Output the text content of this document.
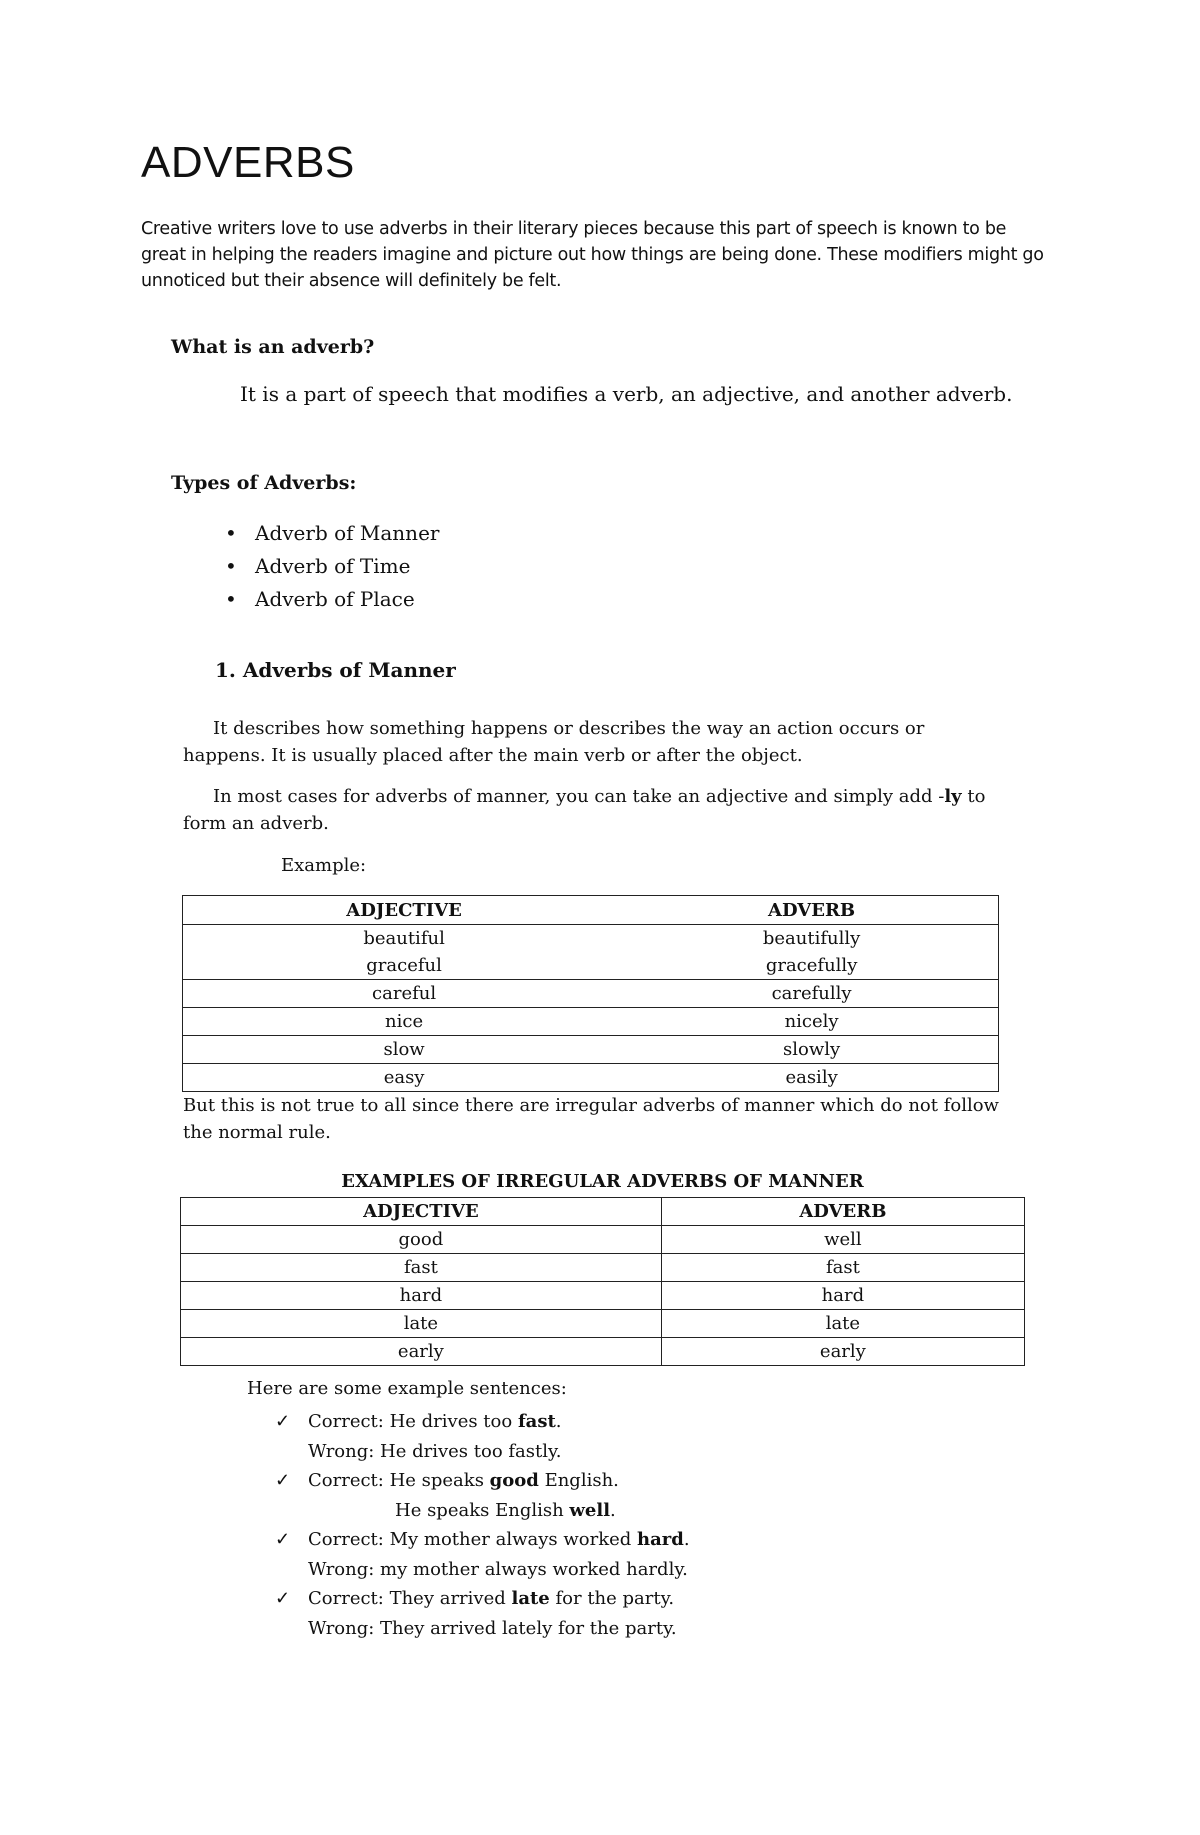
ADVERBS

Creative writers love to use adverbs in their literary pieces because this part of speech is known to be great in helping the readers imagine and picture out how things are being done. These modifiers might go unnoticed but their absence will definitely be felt.

What is an adverb?

It is a part of speech that modifies a verb, an adjective, and another adverb.

Types of Adverbs:
• Adverb of Manner
• Adverb of Time
• Adverb of Place
1. Adverbs of Manner

It describes how something happens or describes the way an action occurs or happens. It is usually placed after the main verb or after the object.

In most cases for adverbs of manner, you can take an adjective and simply add -ly to form an adverb.

Example:

ADJECTIVE	ADVERB
beautiful	beautifully
graceful	gracefully
careful	carefully
nice	nicely
slow	slowly
easy	easily

But this is not true to all since there are irregular adverbs of manner which do not follow the normal rule.

EXAMPLES OF IRREGULAR ADVERBS OF MANNER
ADJECTIVE	ADVERB
good	well
fast	fast
hard	hard
late	late
early	early

Here are some example sentences:

✓ Correct: He drives too fast.
Wrong: He drives too fastly.
✓ Correct: He speaks good English.
He speaks English well.
✓ Correct: My mother always worked hard.
Wrong: my mother always worked hardly.
✓ Correct: They arrived late for the party.
Wrong: They arrived lately for the party.
